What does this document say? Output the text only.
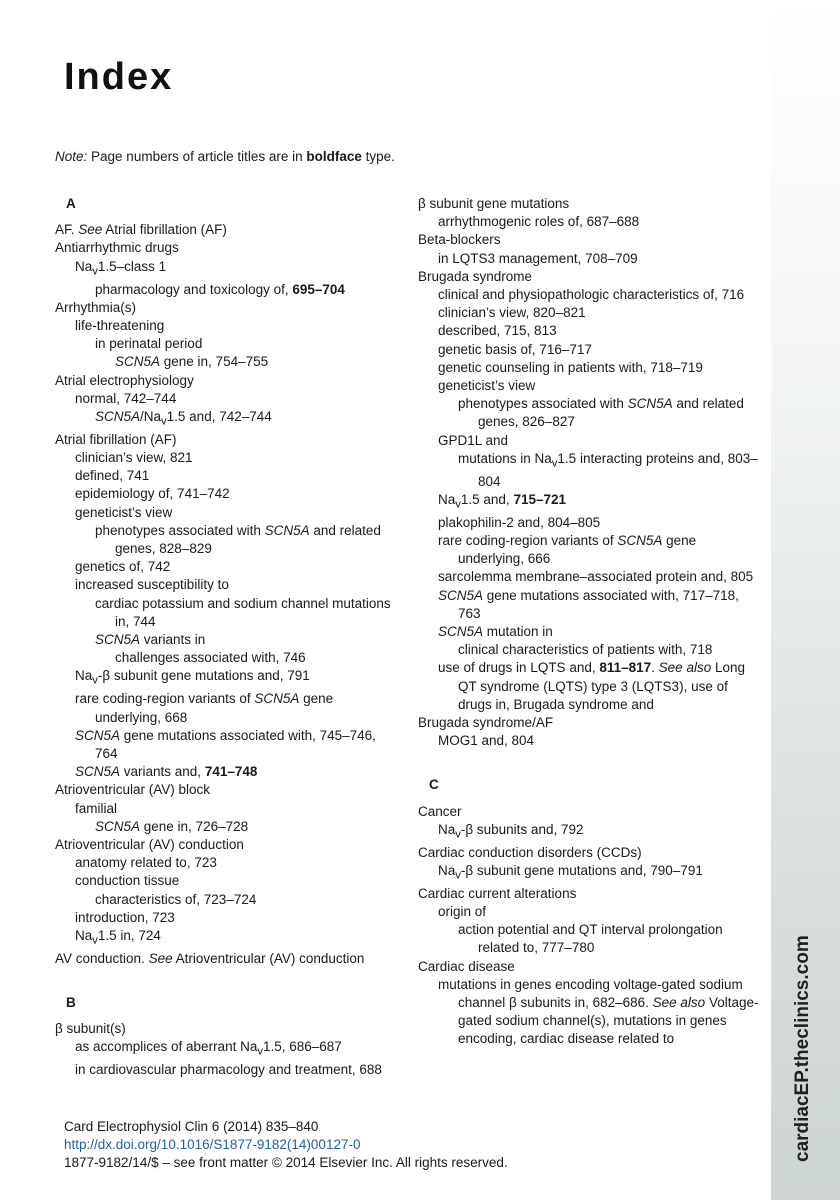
cardiacEP.theclinics.com
Index
Note: Page numbers of article titles are in boldface type.
A
AF. See Atrial fibrillation (AF)
Antiarrhythmic drugs
$Na_v1.5$–class 1
pharmacology and toxicology of, 695–704
Arrhythmia(s)
life-threatening
in perinatal period
SCN5A gene in, 754–755
Atrial electrophysiology
normal, 742–744
$SCN5A/Na_v1.5$ and, 742–744
Atrial fibrillation (AF)
clinician’s view, 821
defined, 741
epidemiology of, 741–742
geneticist’s view
phenotypes associated with SCN5A and related genes, 828–829
genetics of, 742
increased susceptibility to
cardiac potassium and sodium channel mutations in, 744
SCN5A variants in
challenges associated with, 746
$Na_v-\beta$ subunit gene mutations and, 791
rare coding-region variants of SCN5A gene underlying, 668
SCN5A gene mutations associated with, 745–746, 764
SCN5A variants and, 741–748
Atrioventricular (AV) block
familial
SCN5A gene in, 726–728
Atrioventricular (AV) conduction
anatomy related to, 723
conduction tissue
characteristics of, 723–724
introduction, 723
$Na_v1.5$ in, 724
AV conduction. See Atrioventricular (AV) conduction
B
β subunit(s)
as accomplices of aberrant $Na_v1.5$, 686–687
in cardiovascular pharmacology and treatment, 688
β subunit gene mutations
arrhythmogenic roles of, 687–688
Beta-blockers
in LQTS3 management, 708–709
Brugada syndrome
clinical and physiopathologic characteristics of, 716
clinician’s view, 820–821
described, 715, 813
genetic basis of, 716–717
genetic counseling in patients with, 718–719
geneticist’s view
phenotypes associated with SCN5A and related genes, 826–827
GPD1L and
mutations in $Na_v1.5$ interacting proteins and, 803–804
$Na_v1.5$ and, 715–721
plakophilin-2 and, 804–805
rare coding-region variants of SCN5A gene underlying, 666
sarcolemma membrane–associated protein and, 805
SCN5A gene mutations associated with, 717–718, 763
SCN5A mutation in
clinical characteristics of patients with, 718
use of drugs in LQTS and, 811–817. See also Long QT syndrome (LQTS) type 3 (LQTS3), use of drugs in, Brugada syndrome and
Brugada syndrome/AF
MOG1 and, 804
C
Cancer
$Na_v-\beta$ subunits and, 792
Cardiac conduction disorders (CCDs)
$Na_v-\beta$ subunit gene mutations and, 790–791
Cardiac current alterations
origin of
action potential and QT interval prolongation related to, 777–780
Cardiac disease
mutations in genes encoding voltage-gated sodium channel β subunits in, 682–686. See also Voltage-gated sodium channel(s), mutations in genes encoding, cardiac disease related to
Card Electrophysiol Clin 6 (2014) 835–840
http://dx.doi.org/10.1016/S1877-9182(14)00127-0
1877-9182/14/$ – see front matter © 2014 Elsevier Inc. All rights reserved.
